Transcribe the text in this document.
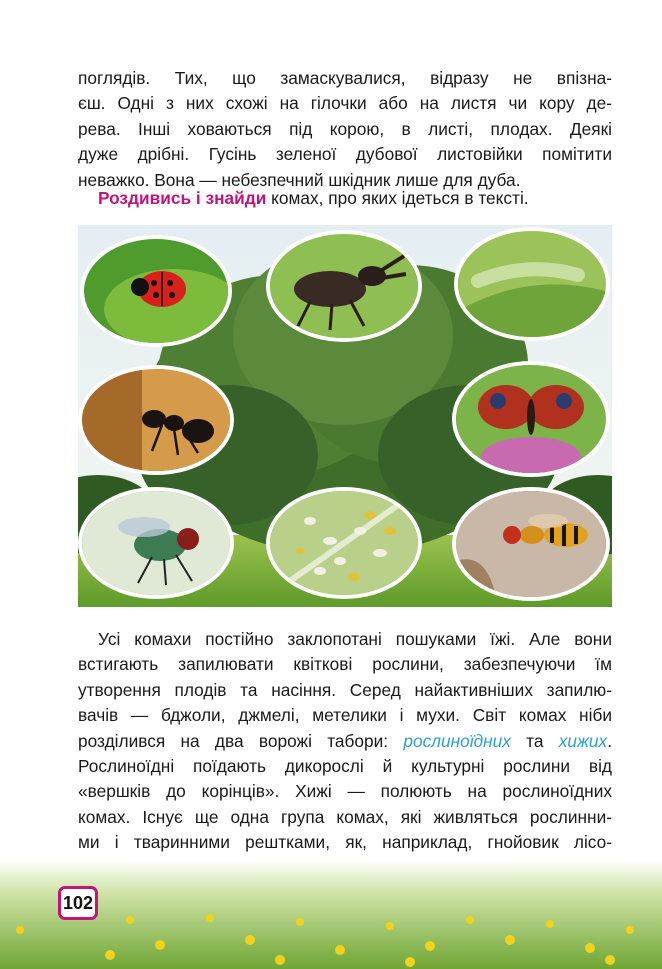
поглядів. Тих, що замаскувалися, відразу не впізна-
єш. Одні з них схожі на гілочки або на листя чи кору де-
рева. Інші ховаються під корою, в листі, плодах. Деякі
дуже дрібні. Гусінь зеленої дубової листовійки помітити
неважко. Вона — небезпечний шкідник лише для дуба.
Роздивись і знайди комах, про яких ідеться в тексті.
Усі комахи постійно заклопотані пошуками їжі. Але вони
встигають запилювати квіткові рослини, забезпечуючи їм
утворення плодів та насіння. Серед найактивніших запилю-
вачів — бджоли, джмелі, метелики і мухи. Світ комах ніби
розділився на два ворожі табори: рослиноїдних та хижих.
Рослиноїдні поїдають дикорослі й культурні рослини від
«вершків до корінців». Хижі — полюють на рослиноїдних
комах. Існує ще одна група комах, які живляться рослинни-
ми і тваринними рештками, як, наприклад, гнойовик лісо-
102
